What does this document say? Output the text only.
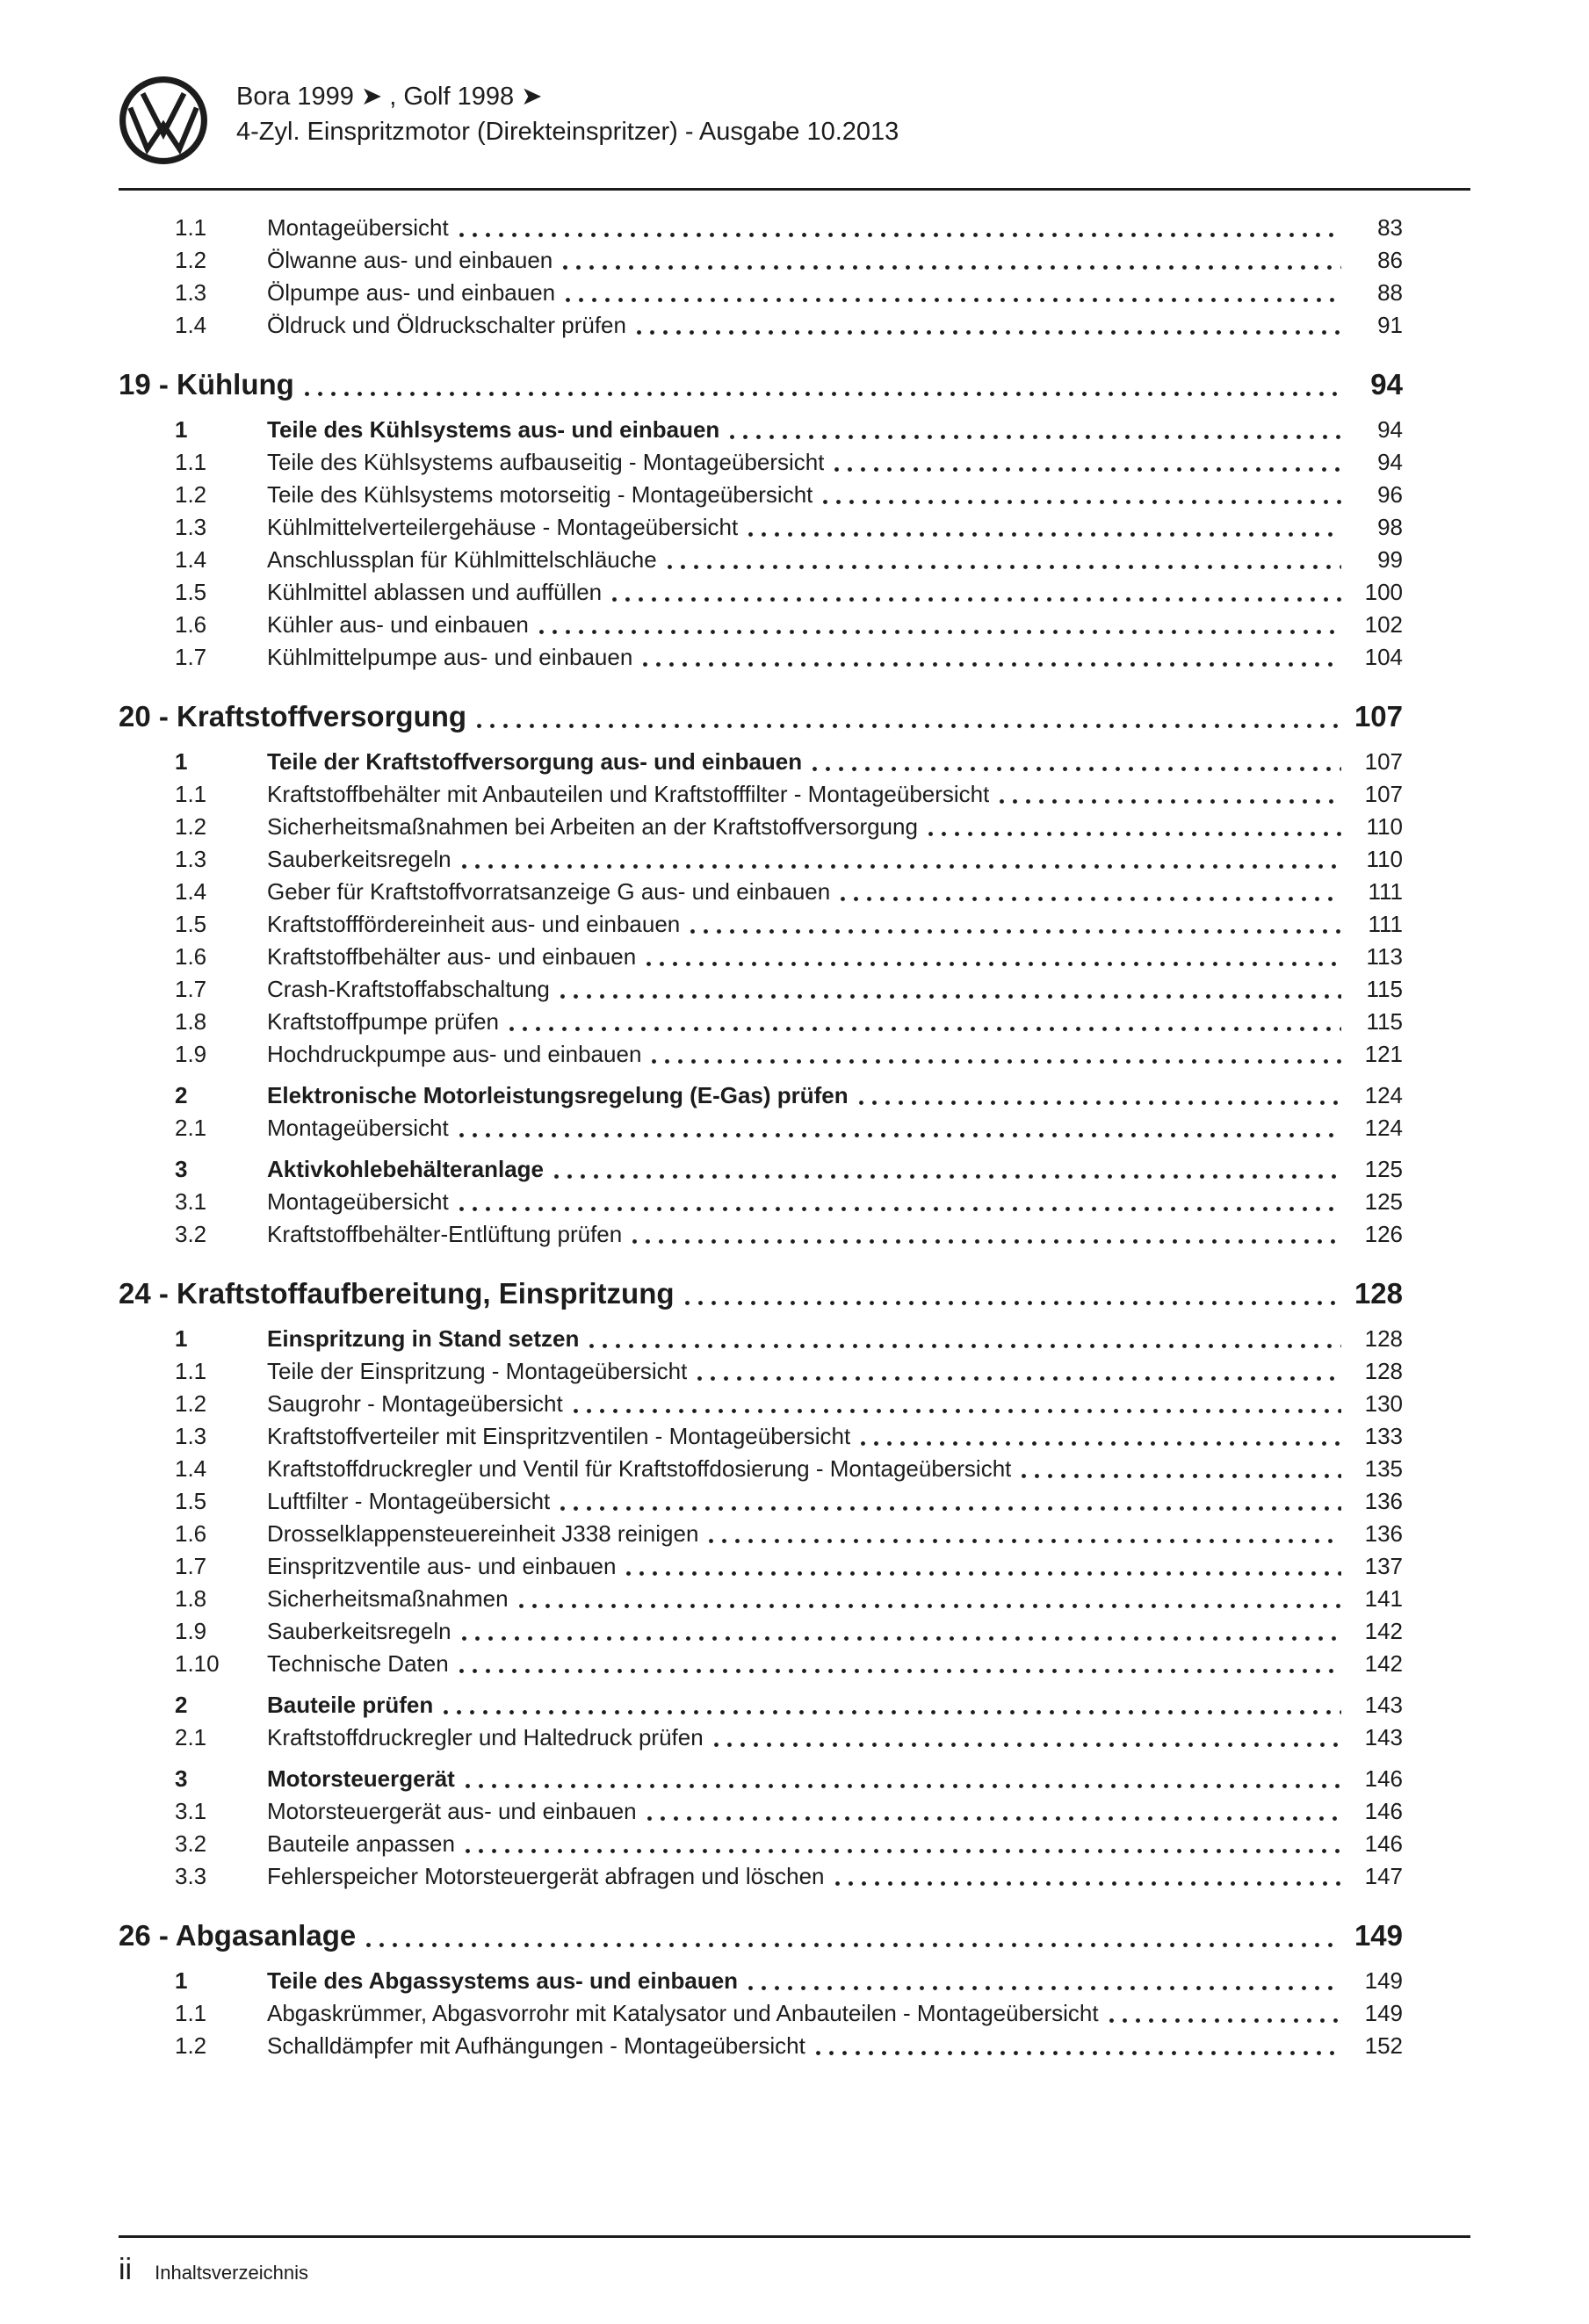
Bora 1999 ➤ , Golf 1998 ➤
4-Zyl. Einspritzmotor (Direkteinspritzer) - Ausgabe 10.2013
1.1	Montageübersicht	83
1.2	Ölwanne aus- und einbauen	86
1.3	Ölpumpe aus- und einbauen	88
1.4	Öldruck und Öldruckschalter prüfen	91
19 - Kühlung	94
1	Teile des Kühlsystems aus- und einbauen	94
1.1	Teile des Kühlsystems aufbauseitig - Montageübersicht	94
1.2	Teile des Kühlsystems motorseitig - Montageübersicht	96
1.3	Kühlmittelverteilergehäuse - Montageübersicht	98
1.4	Anschlussplan für Kühlmittelschläuche	99
1.5	Kühlmittel ablassen und auffüllen	100
1.6	Kühler aus- und einbauen	102
1.7	Kühlmittelpumpe aus- und einbauen	104
20 - Kraftstoffversorgung	107
1	Teile der Kraftstoffversorgung aus- und einbauen	107
1.1	Kraftstoffbehälter mit Anbauteilen und Kraftstofffilter - Montageübersicht	107
1.2	Sicherheitsmaßnahmen bei Arbeiten an der Kraftstoffversorgung	110
1.3	Sauberkeitsregeln	110
1.4	Geber für Kraftstoffvorratsanzeige G aus- und einbauen	111
1.5	Kraftstofffördereinheit aus- und einbauen	111
1.6	Kraftstoffbehälter aus- und einbauen	113
1.7	Crash-Kraftstoffabschaltung	115
1.8	Kraftstoffpumpe prüfen	115
1.9	Hochdruckpumpe aus- und einbauen	121
2	Elektronische Motorleistungsregelung (E-Gas) prüfen	124
2.1	Montageübersicht	124
3	Aktivkohlebehälteranlage	125
3.1	Montageübersicht	125
3.2	Kraftstoffbehälter-Entlüftung prüfen	126
24 - Kraftstoffaufbereitung, Einspritzung	128
1	Einspritzung in Stand setzen	128
1.1	Teile der Einspritzung - Montageübersicht	128
1.2	Saugrohr - Montageübersicht	130
1.3	Kraftstoffverteiler mit Einspritzventilen - Montageübersicht	133
1.4	Kraftstoffdruckregler und Ventil für Kraftstoffdosierung - Montageübersicht	135
1.5	Luftfilter - Montageübersicht	136
1.6	Drosselklappensteuereinheit J338 reinigen	136
1.7	Einspritzventile aus- und einbauen	137
1.8	Sicherheitsmaßnahmen	141
1.9	Sauberkeitsregeln	142
1.10	Technische Daten	142
2	Bauteile prüfen	143
2.1	Kraftstoffdruckregler und Haltedruck prüfen	143
3	Motorsteuergerät	146
3.1	Motorsteuergerät aus- und einbauen	146
3.2	Bauteile anpassen	146
3.3	Fehlerspeicher Motorsteuergerät abfragen und löschen	147
26 - Abgasanlage	149
1	Teile des Abgassystems aus- und einbauen	149
1.1	Abgaskrümmer, Abgasvorrohr mit Katalysator und Anbauteilen - Montageübersicht	149
1.2	Schalldämpfer mit Aufhängungen - Montageübersicht	152
ii Inhaltsverzeichnis
